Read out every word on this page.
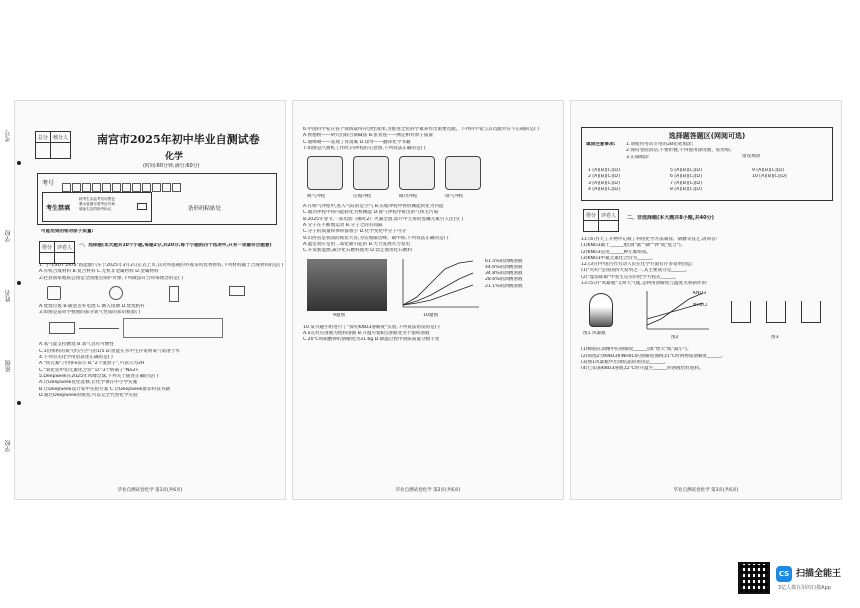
总分	核分人
		南宫市2025年初中毕业自测试卷
化学
(时间:60分钟,满分:60分)
考号
考生禁填
缺考生由监考员用黑色
墨水笔填写准考证号和
填涂右边的缺考标记	条形码粘贴处
可能用到的相对原子质量:
得分	评卷人
	一、选择题(本大题共10个小题,每题2分,共20分,每个小题的四个选项中,只有一项最符合题意)
1."小米SU7 Ultra"新能源汽车于2025年3月2日正式上市,其对所搭载的外观采用优秀材料,下列材料属于合成材料的是( )
A.有机合成材料 B.复合材料 C.无机非金属材料 D.金属材料
2.赵县国家地质公园是全国重点保护对象,下列做法符合环保理念的是( )
A.焚烧垃圾 B.随意丢弃电池 C.倒入鱼塘 D.焚烧秸秆
3.如图是某同学整理的部分氧气性质的知识框架( )
A.氧气能支持燃烧 B.氧气具有可燃性
C.1份体积的氧气约占空气的1/5 D.鱼能在水中生存说明氧气易溶于水
4.下列有关化学用语表述正确的是( )
A."铁元素",可用Fe表示 B."2个氢原子",可表示为2H
C."氧化铝中铝元素化合价" D."3个钠离子"Na3+
5.DeepSeek在2025年风靡全球,下列关于描述正确的是( )
A.让DeepSeek优化选修,让化学课在中小学实施
B.让DeepSeek设计家中实验方案 C.让DeepSeek推荐科技书籍
D.通过DeepSeek的模型,可以完全代替化学实验
毕业自测试卷化学 第1页(共6页)
考号
学校
姓名
班级
学校
6.中国科学家在各个领域取得开创性成果,为推进全民科学素养作出重要贡献。下列科学家与其贡献对应不正确的是( )
A.侯德榜——研究出联合制碱法 B.张青莲——测定相对原子质量
C.屠呦呦——发现了青蒿素 D.徐寿——翻译化学书籍
7.如图是汽油机工作时,四冲程的示意图,下列说法正确的是( )
吸气冲程	压缩冲程	做功冲程	排气冲程
A.在吸气冲程中,进入气缸的是空气 B.压缩冲程中将机械能转化为内能
C.做功冲程中将内能转化为机械能 D.排气冲程中排出的气体无污染
8.2025年春节,一部电影《哪吒2》火遍全国,影片中主角的莲藕元素引人注目( )
A.分子在不断地运动 B.分子之间有间隔
C.分子的质量和体积都很小 D.化学变化中分子可分
9.山西省是我国的煤炭大省,为实现碳达峰、碳中和,下列说法正确的是( )
A.温室效应是由二氧化碳引起的 B.大力发展火力发电
C.开发新能源,减少化石燃料使用 D.禁止使用化石燃料
9题图	10题图
61.5%的酒精溶液
44.6%的酒精溶液
34.8%的酒精溶液
28.6%的酒精溶液
21.1%的酒精溶液
10.某兴趣小组进行了"探究KNO3溶解度"实验,下列说法错误的是( )
A.a点对应溶液为饱和溶液 B.升温可使b点溶液变为不饱和溶液
C.20℃时硝酸钾的溶解度为31.6g D.降温过程中溶质质量分数不变
毕业自测试卷化学 第2页(共6页)
选择题答题区(网阅可选)
填涂注意事项: 1.请使用考试专用的2B铅笔填涂;
2.保持卷面清洁,不要折叠,不得使用涂改液、胶带纸;
3.正确填涂	错误填涂
1 [A][B][C][D]	5 [A][B][C][D]	9 [A][B][C][D]
2 [A][B][C][D]	6 [A][B][C][D]	10 [A][B][C][D]
3 [A][B][C][D]	7 [A][B][C][D]
4 [A][B][C][D]	8 [A][B][C][D]
得分	评卷人
	二、非选择题(本大题共8小题,共40分)
11.(4分)天工开物中记载了利用化学方法制盐、制糖等技艺,请回答:
(1)KNO3属于______肥(填"氮""磷""钾"或"复合")。
(2)KNO3是由______种元素组成。
(3)KNO3中氮元素化合价为______。
12.(3分)中国古代劳动人民在化学方面有许多发明创造:
(1)"火药"是我国四大发明之一,其主要成分是______。
(2)"湿法炼铜"中发生反应的化学方程式______。
13.(5分)"风暴瓶"又叫天气瓶,是利用溶解度与温度关系制作的:
图1 风暴瓶
KNO3
NH4Cl
图2	图3
(1)樟脑在酒精中的溶解度______(填"增大"或"减小")。
(2)如图2为KNO3和NH4Cl的溶解度曲线,t1℃时两物质溶解度______。
(3)图1风暴瓶中出现结晶的原因是______。
(4)已知某KNO3溶液,t2℃时升温至______时溶液恰好饱和。
毕业自测试卷化学 第3页(共6页)
CS 扫描全能王
3亿人都在用的扫描App
